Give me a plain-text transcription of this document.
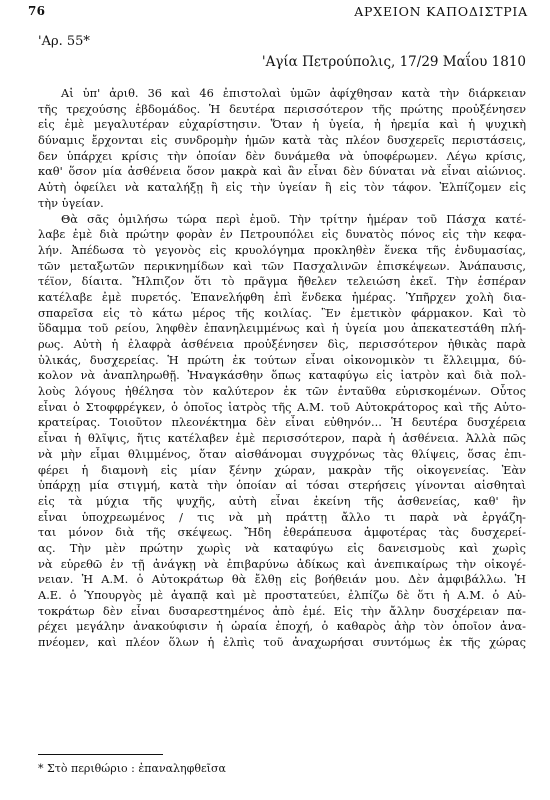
76	ΑΡΧΕΙΟΝ ΚΑΠΟΔΙΣΤΡΙΑ
'Αρ. 55*
'Αγία Πετρούπολις, 17/29 Μαΐου 1810
Αἱ ὑπ' ἀριθ. 36 καὶ 46 ἐπιστολαὶ ὑμῶν ἀφίχθησαν κατὰ τὴν διάρκειαν
τῆς τρεχούσης ἑβδομάδος. Ἡ δευτέρα περισσότερον τῆς πρώτης προὐξένησεν
εἰς ἐμὲ μεγαλυτέραν εὐχαρίστησιν. Ὅταν ἡ ὑγεία, ἡ ἠρεμία καὶ ἡ ψυχικὴ
δύναμις ἔρχονται εἰς συνδρομὴν ἡμῶν κατὰ τὰς πλέον δυσχερεῖς περιστάσεις,
δεν ὑπάρχει κρίσις τὴν ὁποίαν δὲν δυνάμεθα νὰ ὑποφέρωμεν. Λέγω κρίσις,
καθ' ὅσον μία ἀσθένεια ὅσον μακρὰ καὶ ἂν εἶναι δὲν δύναται νὰ εἶναι αἰώνιος.
Αὐτὴ ὀφείλει νὰ καταλήξῃ ἢ εἰς τὴν ὑγείαν ἢ εἰς τὸν τάφον. Ἐλπίζομεν εἰς
τὴν ὑγείαν.
Θὰ σᾶς ὁμιλήσω τώρα περὶ ἐμοῦ. Τὴν τρίτην ἡμέραν τοῦ Πάσχα κατέ-
λαβε ἐμὲ διὰ πρώτην φορὰν ἐν Πετρουπόλει εἰς δυνατὸς πόνος εἰς τὴν κεφα-
λήν. Ἀπέδωσα τὸ γεγονὸς εἰς κρυολόγημα προκληθὲν ἕνεκα τῆς ἐνδυμασίας,
τῶν μεταξωτῶν περικνημίδων καὶ τῶν Πασχαλινῶν ἐπισκέψεων. Ἀνάπαυσις,
τέϊον, δίαιτα. Ἤλπιζον ὅτι τὸ πρᾶγμα ἤθελεν τελειώση ἐκεῖ. Τὴν ἑσπέραν
κατέλαβε ἐμὲ πυρετός. Ἐπανελήφθη ἐπὶ ἕνδεκα ἡμέρας. Ὑπῆρχεν χολὴ δια-
σπαρεῖσα εἰς τὸ κάτω μέρος τῆς κοιλίας. Ἓν ἐμετικὸν φάρμακον. Καὶ τὸ
ὕδαμμα τοῦ ρείου, ληφθὲν ἐπανηλειμμένως καὶ ἡ ὑγεία μου ἀπεκατεστάθη πλή-
ρως. Αὐτὴ ἡ ἐλαφρὰ ἀσθένεια προὐξένησεν δὶς, περισσότερον ἠθικὰς παρὰ
ὑλικάς, δυσχερείας. Ἡ πρώτη ἐκ τούτων εἶναι οἰκονομικὸν τι ἔλλειμμα, δύ-
κολον νὰ ἀναπληρωθῇ. Ἠναγκάσθην ὅπως καταφύγω εἰς ἰατρὸν καὶ διὰ πολ-
λοὺς λόγους ἠθέλησα τὸν καλύτερον ἐκ τῶν ἐνταῦθα εὑρισκομένων. Οὗτος
εἶναι ὁ Στοφφρέγκεν, ὁ ὁποῖος ἰατρὸς τῆς Α.Μ. τοῦ Αὐτοκράτορος καὶ τῆς Αὐτο-
κρατείρας. Τοιοῦτον πλεονέκτημα δὲν εἶναι εὐθηνόν... Ἡ δευτέρα δυσχέρεια
εἶναι ἡ θλῖψις, ἥτις κατέλαβεν ἐμὲ περισσότερον, παρὰ ἡ ἀσθένεια. Ἀλλὰ πῶς
νὰ μὴν εἶμαι θλιμμένος, ὅταν αἰσθάνομαι συγχρόνως τὰς θλίψεις, ὅσας ἐπι-
φέρει ἡ διαμονὴ εἰς μίαν ξένην χώραν, μακρὰν τῆς οἰκογενείας. Ἐὰν
ὑπάρχῃ μία στιγμή, κατὰ τὴν ὁποίαν αἱ τόσαι στερήσεις γίνονται αἰσθηταὶ
εἰς τὰ μύχια τῆς ψυχῆς, αὐτὴ εἶναι ἐκείνη τῆς ἀσθενείας, καθ' ἣν
εἶναι ὑποχρεωμένος / τις νὰ μὴ πράττῃ ἄλλο τι παρὰ νὰ ἐργάζη-
ται μόνον διὰ τῆς σκέψεως. Ἤδη ἐθεράπευσα ἀμφοτέρας τὰς δυσχερεί-
ας. Τὴν μὲν πρώτην χωρὶς νὰ καταφύγω εἰς δανεισμοὺς καὶ χωρὶς
νὰ εὑρεθῶ ἐν τῇ ἀνάγκῃ νὰ ἐπιβαρύνω ἀδίκως καὶ ἀνεπικαίρως τὴν οἰκογέ-
νειαν. Ἡ Α.Μ. ὁ Αὐτοκράτωρ θὰ ἔλθῃ εἰς βοήθειάν μου. Δὲν ἀμφιβάλλω. Ἡ
Α.Ε. ὁ Ὑπουργὸς μὲ ἀγαπᾷ καὶ μὲ προστατεύει, ἐλπίζω δὲ ὅτι ἡ Α.Μ. ὁ Αὐ-
τοκράτωρ δὲν εἶναι δυσαρεστημένος ἀπὸ ἐμέ. Εἰς τὴν ἄλλην δυσχέρειαν πα-
ρέχει μεγάλην ἀνακούφισιν ἡ ὡραία ἐποχή, ὁ καθαρὸς ἀὴρ τὸν ὁποῖον ἀνα-
πνέομεν, καὶ πλέον ὅλων ἡ ἐλπὶς τοῦ ἀναχωρήσαι συντόμως ἐκ τῆς χώρας
* Στὸ περιθώριο : ἐπαναληφθεῖσα
